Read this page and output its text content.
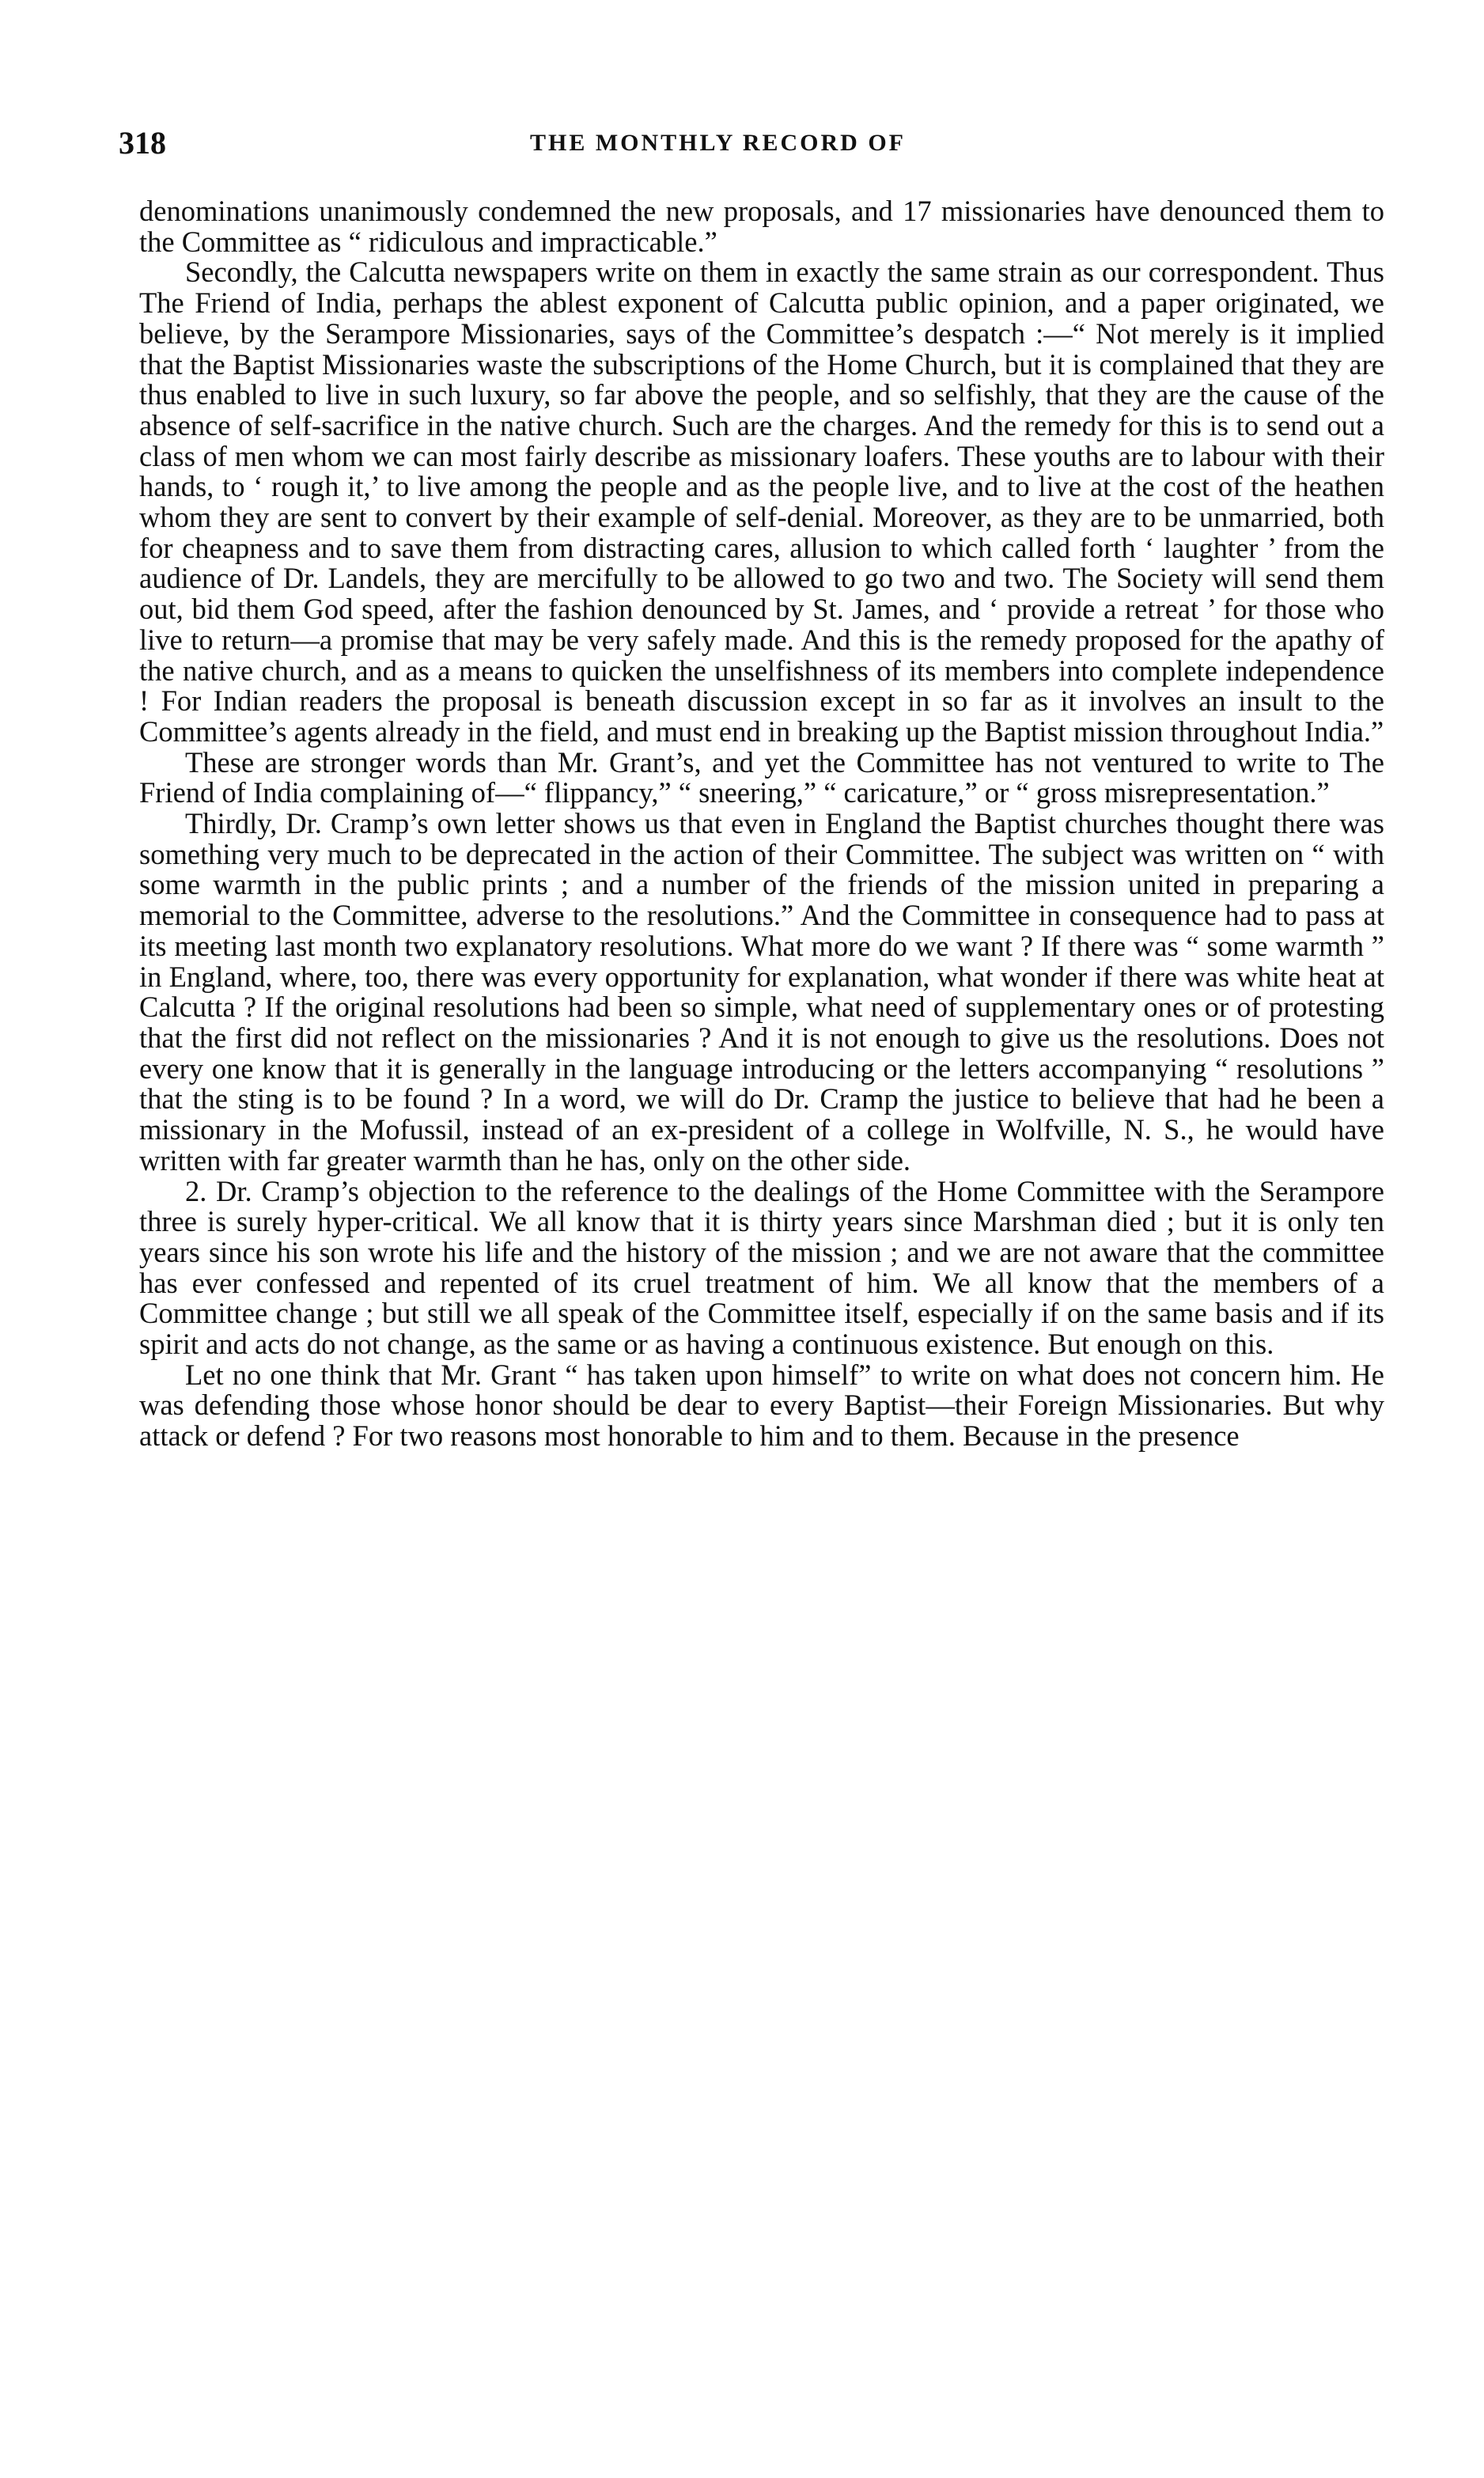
318	THE MONTHLY RECORD OF

denominations unanimously condemned the new proposals, and 17 missionaries have denounced them to the Committee as “ ridiculous and impracticable.”

Secondly, the Calcutta newspapers write on them in exactly the same strain as our correspondent. Thus The Friend of India, perhaps the ablest exponent of Calcutta public opinion, and a paper originated, we believe, by the Serampore Missionaries, says of the Committee’s despatch :—“ Not merely is it implied that the Baptist Missionaries waste the subscriptions of the Home Church, but it is complained that they are thus enabled to live in such luxury, so far above the people, and so selfishly, that they are the cause of the absence of self-sacrifice in the native church. Such are the charges. And the remedy for this is to send out a class of men whom we can most fairly describe as missionary loafers. These youths are to labour with their hands, to ‘ rough it,’ to live among the people and as the people live, and to live at the cost of the heathen whom they are sent to convert by their example of self-denial. Moreover, as they are to be unmarried, both for cheapness and to save them from distracting cares, allusion to which called forth ‘ laughter ’ from the audience of Dr. Landels, they are mercifully to be allowed to go two and two. The Society will send them out, bid them God speed, after the fashion denounced by St. James, and ‘ provide a retreat ’ for those who live to return—a promise that may be very safely made. And this is the remedy proposed for the apathy of the native church, and as a means to quicken the unselfishness of its members into complete independence ! For Indian readers the proposal is beneath discussion except in so far as it involves an insult to the Committee’s agents already in the field, and must end in breaking up the Baptist mission throughout India.”

These are stronger words than Mr. Grant’s, and yet the Committee has not ventured to write to The Friend of India complaining of—“ flippancy,” “ sneering,” “ caricature,” or “ gross misrepresentation.”

Thirdly, Dr. Cramp’s own letter shows us that even in England the Baptist churches thought there was something very much to be deprecated in the action of their Committee. The subject was written on “ with some warmth in the public prints ; and a number of the friends of the mission united in preparing a memorial to the Committee, adverse to the resolutions.” And the Committee in consequence had to pass at its meeting last month two explanatory resolutions. What more do we want ? If there was “ some warmth ” in England, where, too, there was every opportunity for explanation, what wonder if there was white heat at Calcutta ? If the original resolutions had been so simple, what need of supplementary ones or of protesting that the first did not reflect on the missionaries ? And it is not enough to give us the resolutions. Does not every one know that it is generally in the language introducing or the letters accompanying “ resolutions ” that the sting is to be found ? In a word, we will do Dr. Cramp the justice to believe that had he been a missionary in the Mofussil, instead of an ex-president of a college in Wolfville, N. S., he would have written with far greater warmth than he has, only on the other side.

2. Dr. Cramp’s objection to the reference to the dealings of the Home Committee with the Serampore three is surely hyper-critical. We all know that it is thirty years since Marshman died ; but it is only ten years since his son wrote his life and the history of the mission ; and we are not aware that the committee has ever confessed and repented of its cruel treatment of him. We all know that the members of a Committee change ; but still we all speak of the Committee itself, especially if on the same basis and if its spirit and acts do not change, as the same or as having a continuous existence. But enough on this.

Let no one think that Mr. Grant “ has taken upon himself” to write on what does not concern him. He was defending those whose honor should be dear to every Baptist—their Foreign Missionaries. But why attack or defend ? For two reasons most honorable to him and to them. Because in the presence
